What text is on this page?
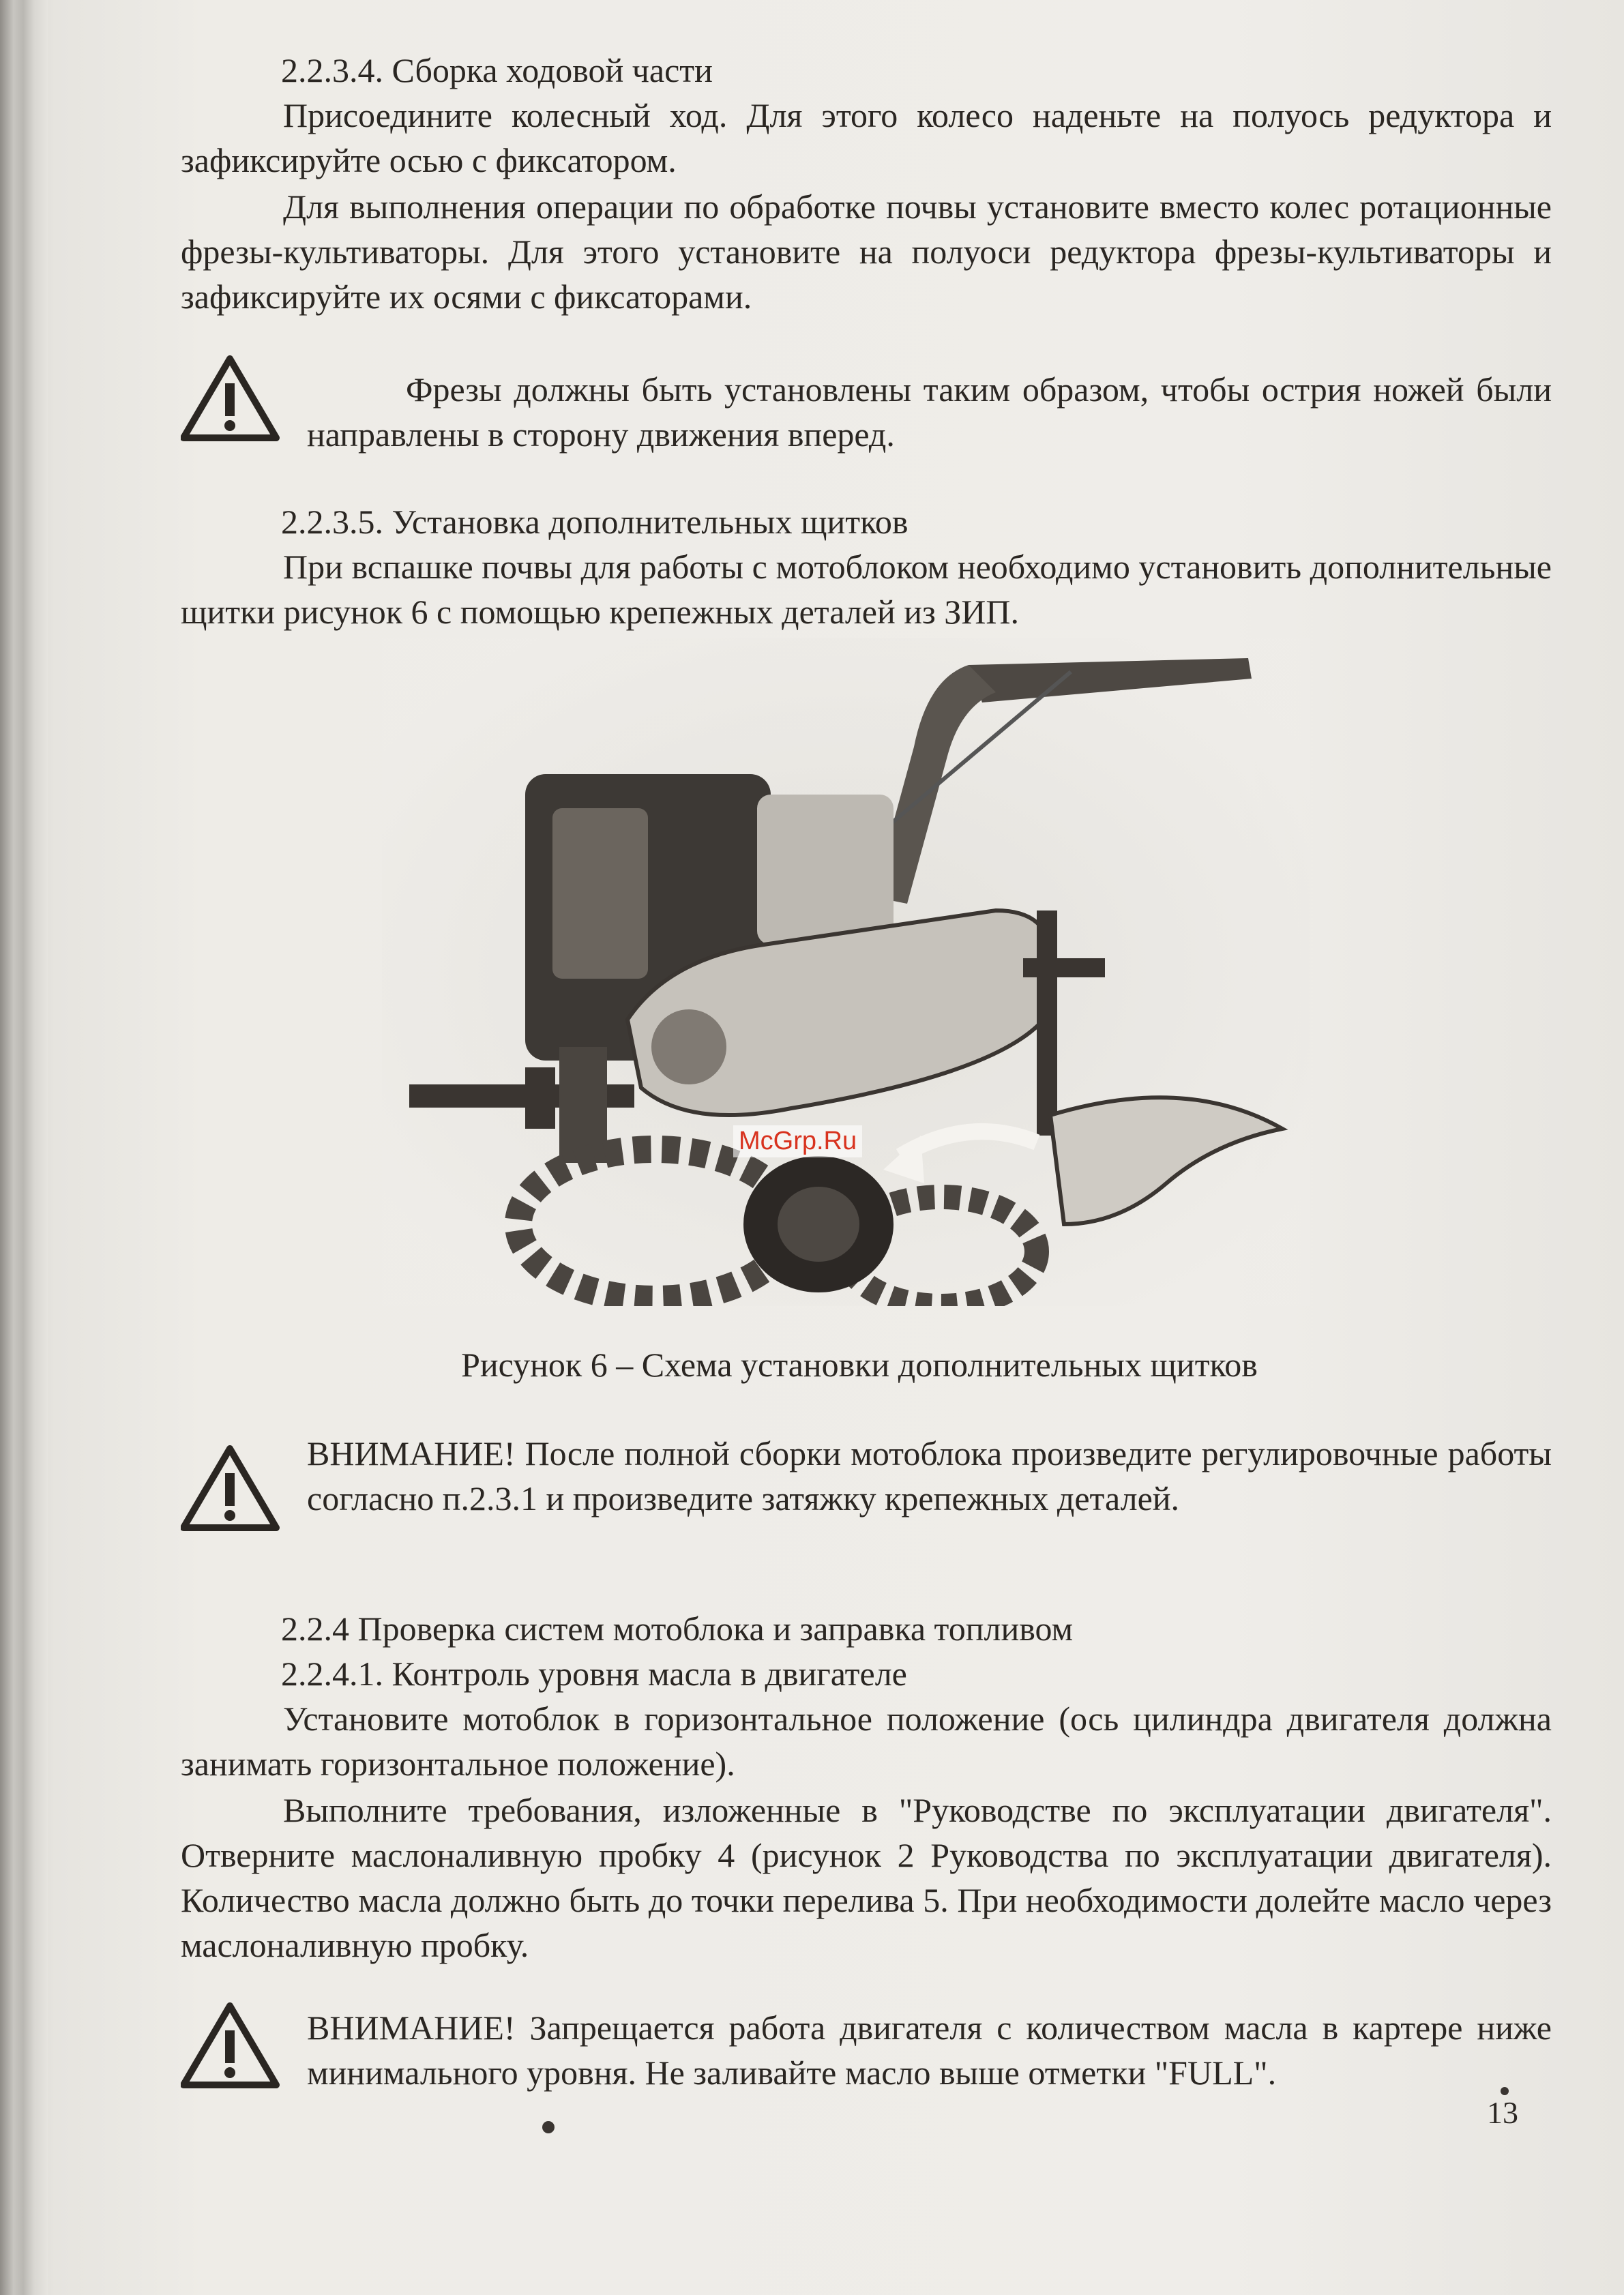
2.2.3.4. Сборка ходовой части

Присоедините колесный ход. Для этого колесо наденьте на полуось редуктора и зафиксируйте осью с фиксатором.

Для выполнения операции по обработке почвы установите вместо колес ротационные фрезы-культиваторы. Для этого установите на полуоси редуктора фрезы-культиваторы и зафиксируйте их осями с фиксаторами.

Фрезы должны быть установлены таким образом, чтобы острия ножей были направлены в сторону движения вперед.

2.2.3.5. Установка дополнительных щитков

При вспашке почвы для работы с мотоблоком необходимо установить дополнительные щитки рисунок 6 с помощью крепежных деталей из ЗИП.

McGrp.Ru

Рисунок 6 – Схема установки дополнительных щитков

ВНИМАНИЕ! После полной сборки мотоблока произведите регулировочные работы согласно п.2.3.1 и произведите затяжку крепежных деталей.

2.2.4 Проверка систем мотоблока и заправка топливом
2.2.4.1. Контроль уровня масла в двигателе

Установите мотоблок в горизонтальное положение (ось цилиндра двигателя должна занимать горизонтальное положение).

Выполните требования, изложенные в "Руководстве по эксплуатации двигателя". Отверните маслоналивную пробку 4 (рисунок 2 Руководства по эксплуатации двигателя). Количество масла должно быть до точки перелива 5. При необходимости долейте масло через маслоналивную пробку.

ВНИМАНИЕ! Запрещается работа двигателя с количеством масла в картере ниже минимального уровня. Не заливайте масло выше отметки "FULL".

13
